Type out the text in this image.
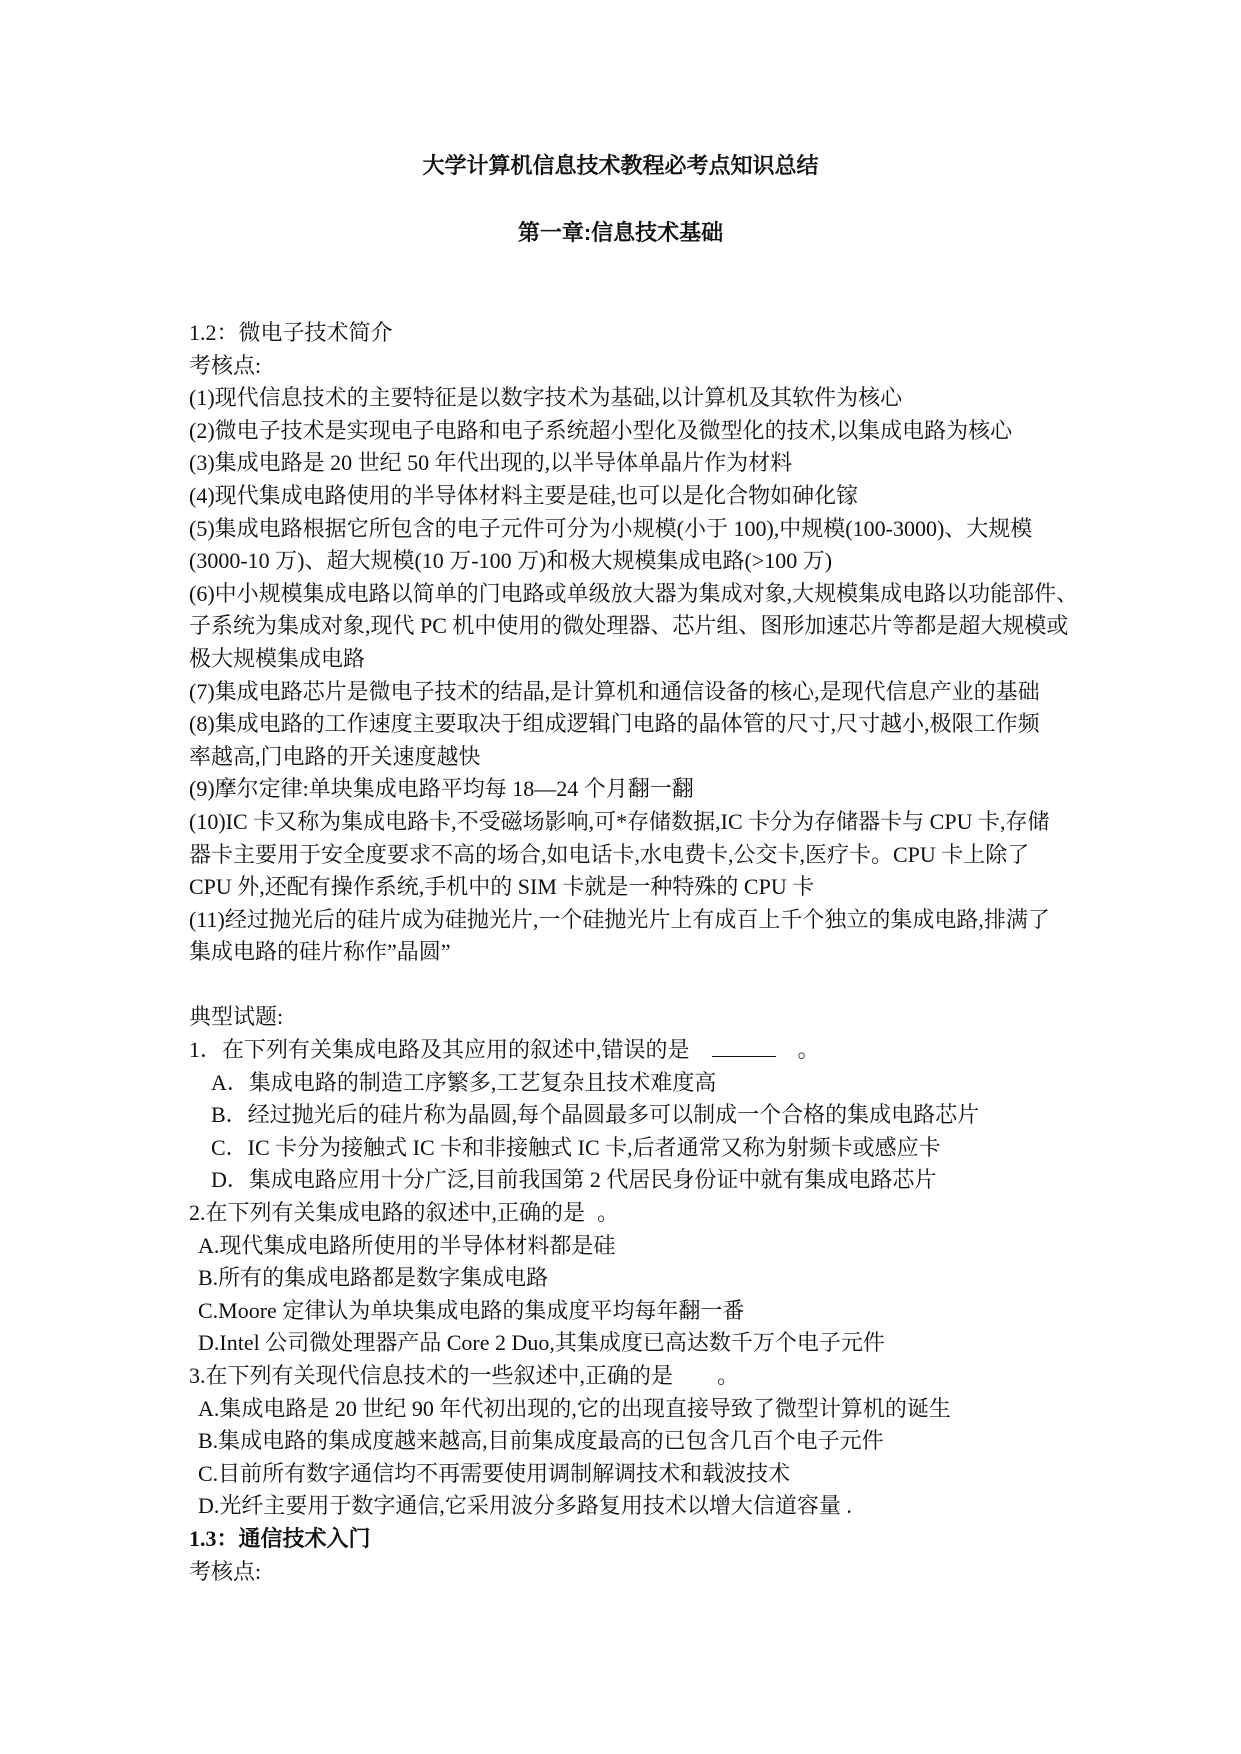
大学计算机信息技术教程必考点知识总结
第一章:信息技术基础
1.2：微电子技术简介
考核点:
(1)现代信息技术的主要特征是以数字技术为基础,以计算机及其软件为核心
(2)微电子技术是实现电子电路和电子系统超小型化及微型化的技术,以集成电路为核心
(3)集成电路是 20 世纪 50 年代出现的,以半导体单晶片作为材料
(4)现代集成电路使用的半导体材料主要是硅,也可以是化合物如砷化镓
(5)集成电路根据它所包含的电子元件可分为小规模(小于 100),中规模(100-3000)、大规模
(3000-10 万)、超大规模(10 万-100 万)和极大规模集成电路(>100 万)
(6)中小规模集成电路以简单的门电路或单级放大器为集成对象,大规模集成电路以功能部件、
子系统为集成对象,现代 PC 机中使用的微处理器、芯片组、图形加速芯片等都是超大规模或
极大规模集成电路
(7)集成电路芯片是微电子技术的结晶,是计算机和通信设备的核心,是现代信息产业的基础
(8)集成电路的工作速度主要取决于组成逻辑门电路的晶体管的尺寸,尺寸越小,极限工作频
率越高,门电路的开关速度越快
(9)摩尔定律:单块集成电路平均每 18—24 个月翻一翻
(10)IC 卡又称为集成电路卡,不受磁场影响,可*存储数据,IC 卡分为存储器卡与 CPU 卡,存储
器卡主要用于安全度要求不高的场合,如电话卡,水电费卡,公交卡,医疗卡。CPU 卡上除了
CPU 外,还配有操作系统,手机中的 SIM 卡就是一种特殊的 CPU 卡
(11)经过抛光后的硅片成为硅抛光片,一个硅抛光片上有成百上千个独立的集成电路,排满了
集成电路的硅片称作”晶圆”
典型试题:
1．在下列有关集成电路及其应用的叙述中,错误的是	。
A．集成电路的制造工序繁多,工艺复杂且技术难度高
B．经过抛光后的硅片称为晶圆,每个晶圆最多可以制成一个合格的集成电路芯片
C．IC 卡分为接触式 IC 卡和非接触式 IC 卡,后者通常又称为射频卡或感应卡
D．集成电路应用十分广泛,目前我国第 2 代居民身份证中就有集成电路芯片
2.在下列有关集成电路的叙述中,正确的是 。
A.现代集成电路所使用的半导体材料都是硅
B.所有的集成电路都是数字集成电路
C.Moore 定律认为单块集成电路的集成度平均每年翻一番
D.Intel 公司微处理器产品 Core 2 Duo,其集成度已高达数千万个电子元件
3.在下列有关现代信息技术的一些叙述中,正确的是 。
A.集成电路是 20 世纪 90 年代初出现的,它的出现直接导致了微型计算机的诞生
B.集成电路的集成度越来越高,目前集成度最高的已包含几百个电子元件
C.目前所有数字通信均不再需要使用调制解调技术和载波技术
D.光纤主要用于数字通信,它采用波分多路复用技术以增大信道容量 .
1.3：通信技术入门
考核点:
